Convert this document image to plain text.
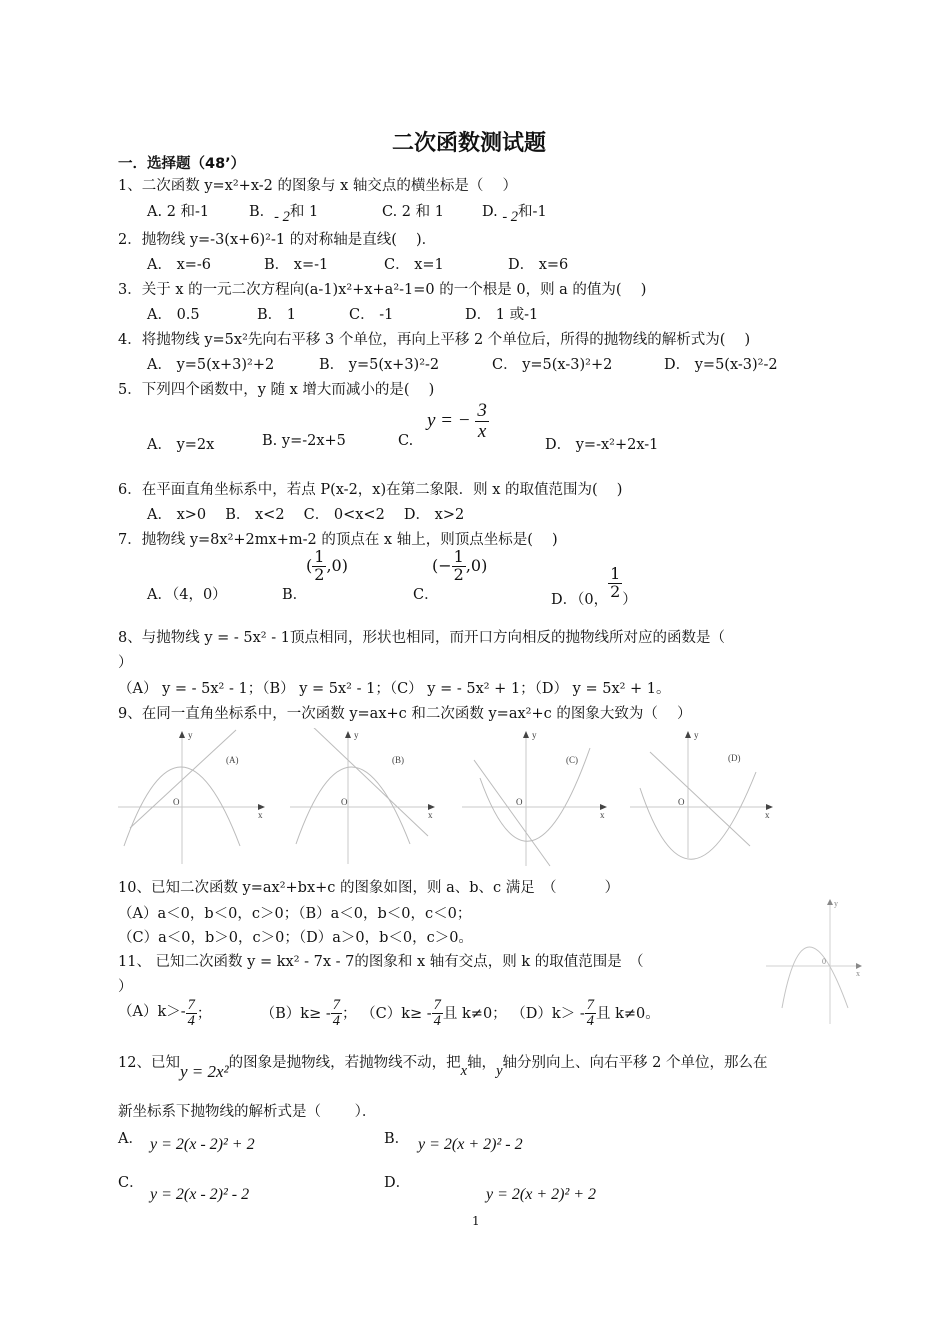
二次函数测试题
一．选择题（48’）
1、二次函数 y=x²+x-2 的图象与 x 轴交点的横坐标是（　 ）
A. 2 和-1	B．- 2和 1	C. 2 和 1	D. - 2和-1
2．抛物线 y=-3(x+6)²-1 的对称轴是直线(　 )．
A． x=-6	B． x=-1	C． x=1	D． x=6
3．关于 x 的一元二次方程向(a-1)x²+x+a²-1=0 的一个根是 0，则 a 的值为(　 )
A． 0.5	B． 1	C． -1	D． 1 或-1
4．将抛物线 y=5x²先向右平移 3 个单位，再向上平移 2 个单位后，所得的抛物线的解析式为(　 )
A． y=5(x+3)²+2	B． y=5(x+3)²-2	C． y=5(x-3)²+2	D． y=5(x-3)²-2
5．下列四个函数中，y 随 x 增大而减小的是(　 )
y = − $\frac{3}{x}$
A． y=2x	B. y=-2x+5	C.	D． y=-x²+2x-1
6．在平面直角坐标系中，若点 P(x-2，x)在第二象限．则 x 的取值范围为(　 )
A． x>0　 B． x<2　 C． 0<x<2　 D． x>2
7．抛物线 y=8x²+2mx+m-2 的顶点在 x 轴上，则顶点坐标是(　 )
A．（4，0）	B．
( $\frac{1}{2} ,0$)
C．
(− $\frac{1}{2} ,0$)
D．（0， $\frac{1}{2}$ ）
8、与抛物线 y = - 5x² - 1顶点相同，形状也相同，而开口方向相反的抛物线所对应的函数是（
）
（A） y = - 5x² - 1；（B） y = 5x² - 1；（C） y = - 5x² + 1；（D） y = 5x² + 1。
9、在同一直角坐标系中，一次函数 y=ax+c 和二次函数 y=ax²+c 的图象大致为（　 ）
y
x
O
(A)
y
x
O
(B)
y
x
O
(C)
y
x
O
(D)
10、已知二次函数 y=ax²+bx+c 的图象如图，则 a、b、c 满足　（　　　 ）
（A）a＜0，b＜0，c＞0；（B）a＜0，b＜0，c＜0；
（C）a＜0，b＞0，c＞0；（D）a＞0，b＜0，c＞0。
y
x
0
11、 已知二次函数 y = kx² - 7x - 7的图象和 x 轴有交点，则 k 的取值范围是　（
）
$(A)k>- \frac{7}{4}$ ；	$(B)k\ge - \frac{7}{4}$ ； $(C)k\ge - \frac{7}{4}$ 且 k≠0； $(D)k> - \frac{7}{4}$ 且 k≠0。
12、已知y = 2x²的图象是抛物线，若抛物线不动，把x轴，y轴分别向上、向右平移 2 个单位，那么在
新坐标系下抛物线的解析式是（　　 ）．
A． y = 2(x - 2)² + 2	B． y = 2(x + 2)² - 2
C．
y = 2(x - 2)² - 2
D．
y = 2(x + 2)² + 2
1
